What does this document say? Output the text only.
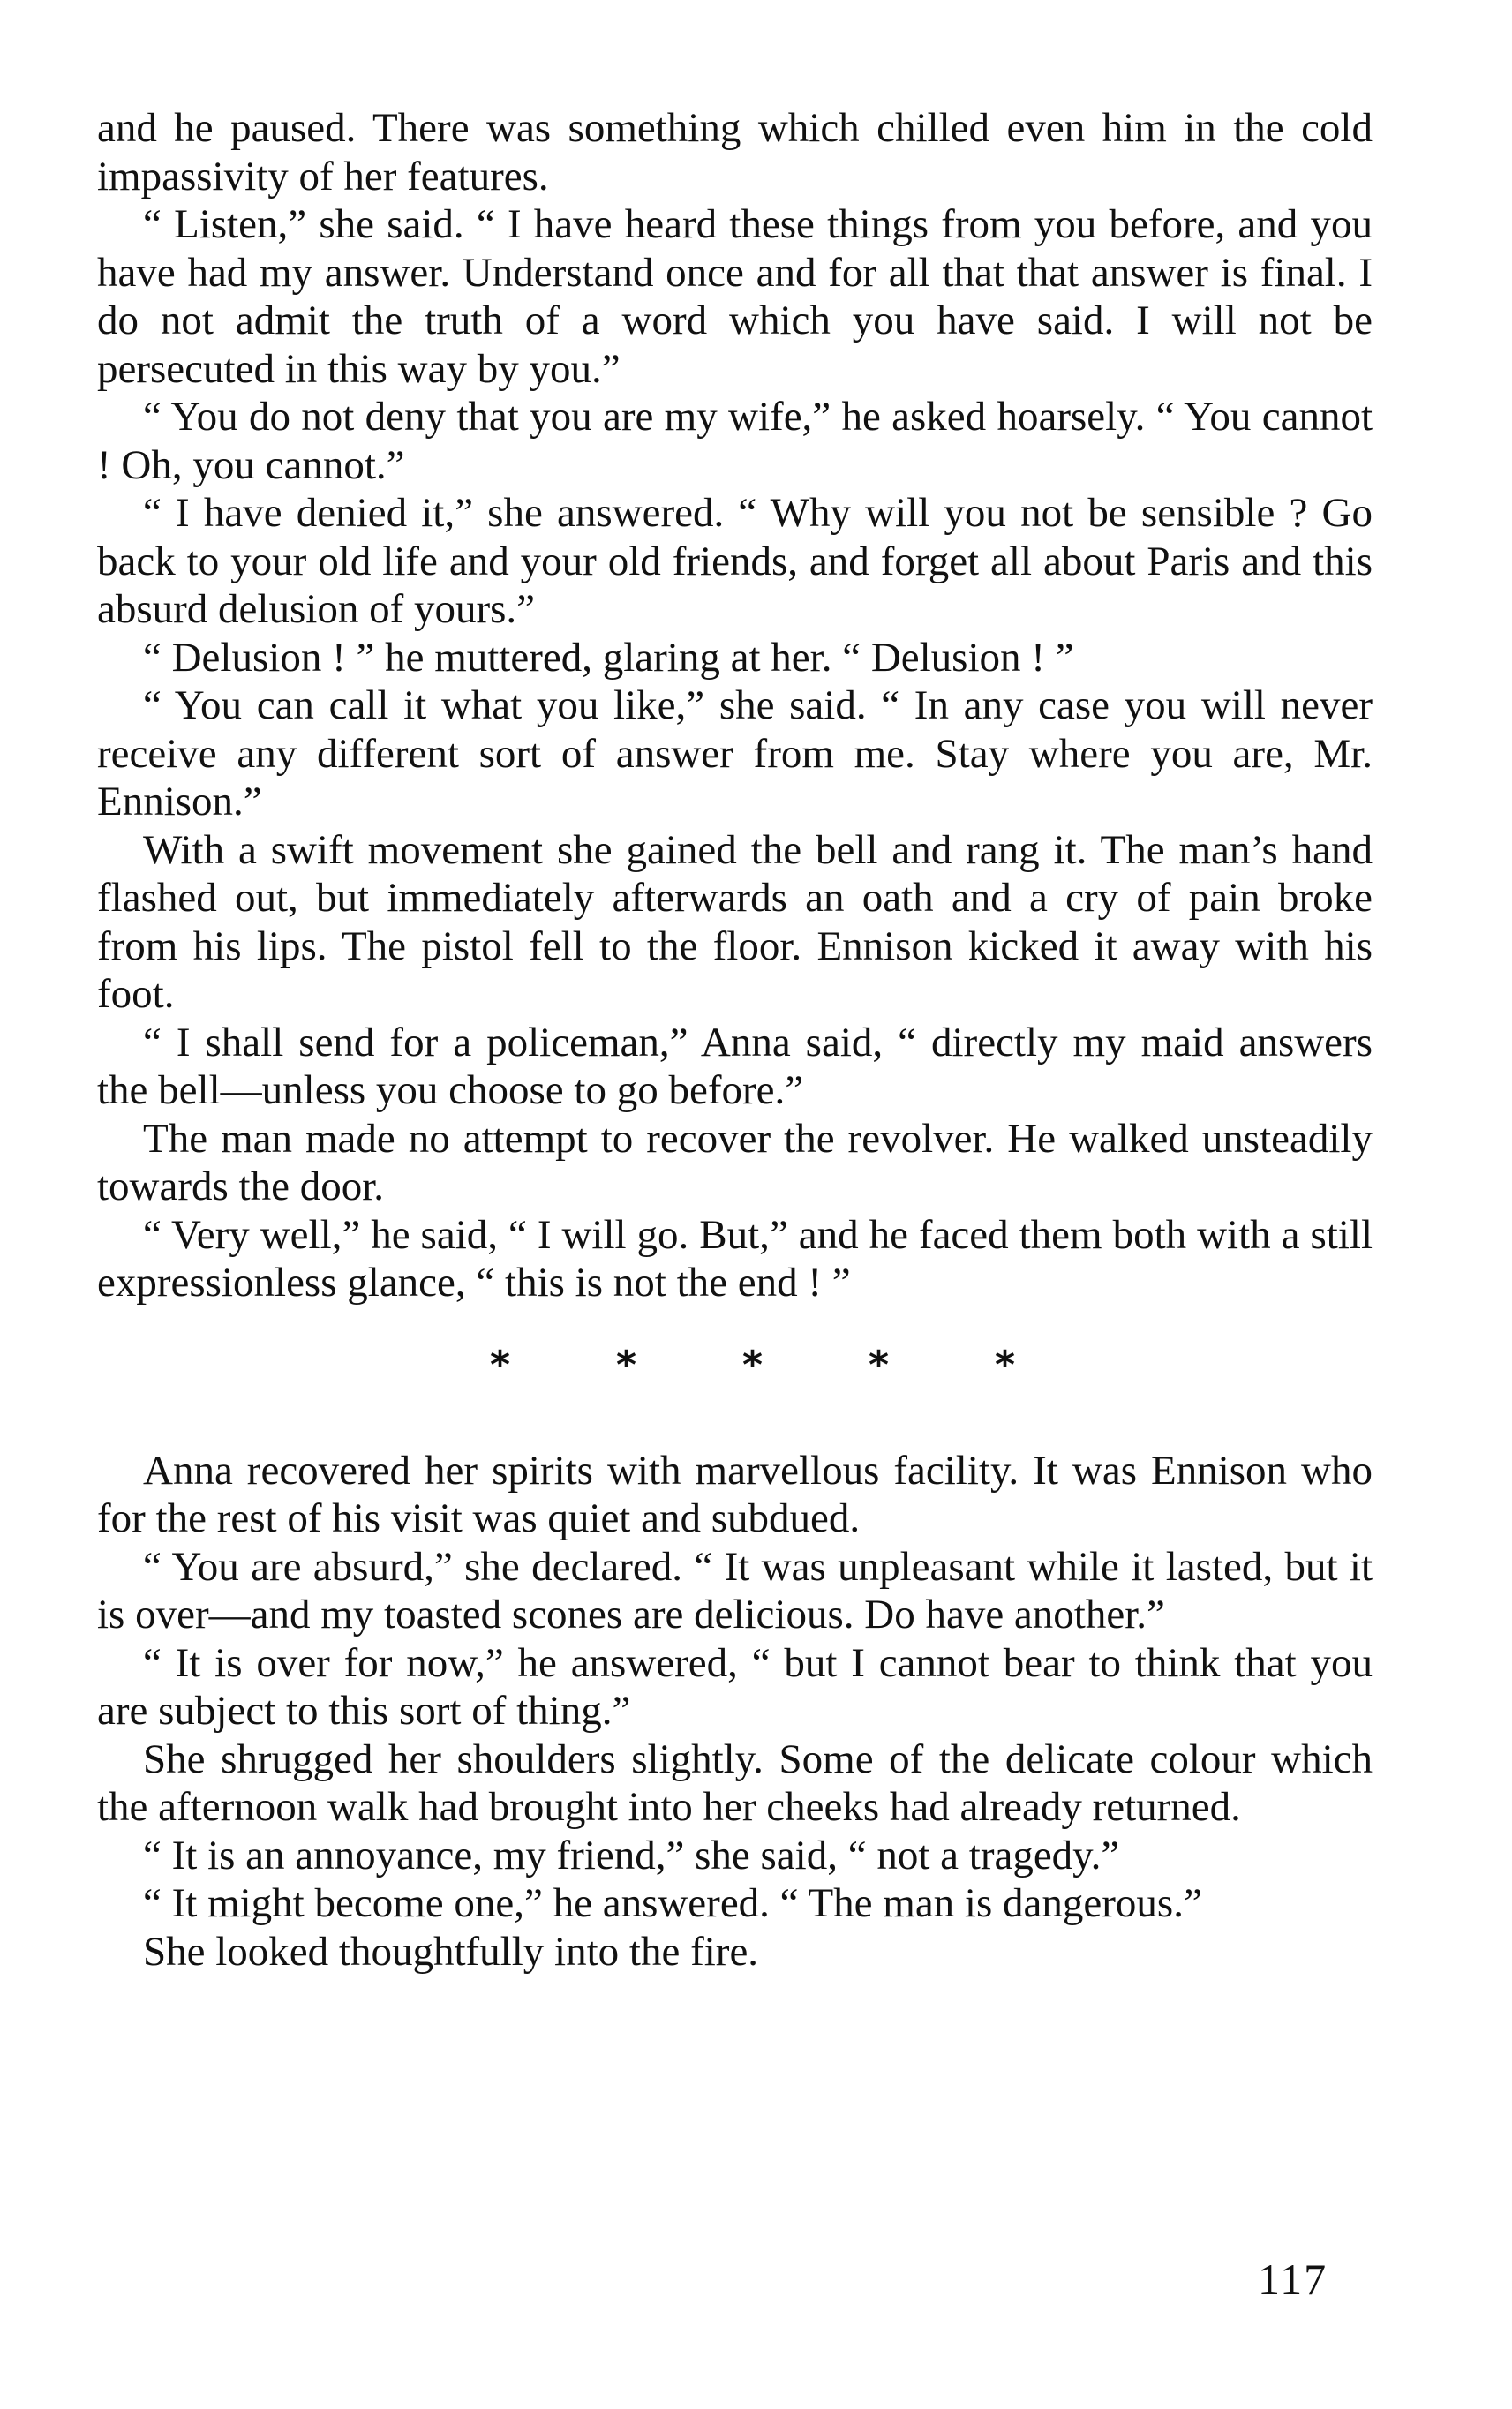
and he paused. There was something which chilled even him in the cold impassivity of her features.

“ Listen,” she said. “ I have heard these things from you before, and you have had my answer. Understand once and for all that that answer is final. I do not admit the truth of a word which you have said. I will not be persecuted in this way by you.”

“ You do not deny that you are my wife,” he asked hoarsely. “ You cannot ! Oh, you cannot.”

“ I have denied it,” she answered. “ Why will you not be sensible ? Go back to your old life and your old friends, and forget all about Paris and this absurd delusion of yours.”

“ Delusion ! ” he muttered, glaring at her. “ Delusion ! ”

“ You can call it what you like,” she said. “ In any case you will never receive any different sort of answer from me. Stay where you are, Mr. Ennison.”

With a swift movement she gained the bell and rang it. The man’s hand flashed out, but immediately afterwards an oath and a cry of pain broke from his lips. The pistol fell to the floor. Ennison kicked it away with his foot.

“ I shall send for a policeman,” Anna said, “ directly my maid answers the bell—unless you choose to go before.”

The man made no attempt to recover the revolver. He walked unsteadily towards the door.

“ Very well,” he said, “ I will go. But,” and he faced them both with a still expressionless glance, “ this is not the end ! ”

*	*	*	*	*

Anna recovered her spirits with marvellous facility. It was Ennison who for the rest of his visit was quiet and subdued.

“ You are absurd,” she declared. “ It was unpleasant while it lasted, but it is over—and my toasted scones are delicious. Do have another.”

“ It is over for now,” he answered, “ but I cannot bear to think that you are subject to this sort of thing.”

She shrugged her shoulders slightly. Some of the delicate colour which the afternoon walk had brought into her cheeks had already returned.

“ It is an annoyance, my friend,” she said, “ not a tragedy.”

“ It might become one,” he answered. “ The man is dangerous.”

She looked thoughtfully into the fire.

117
